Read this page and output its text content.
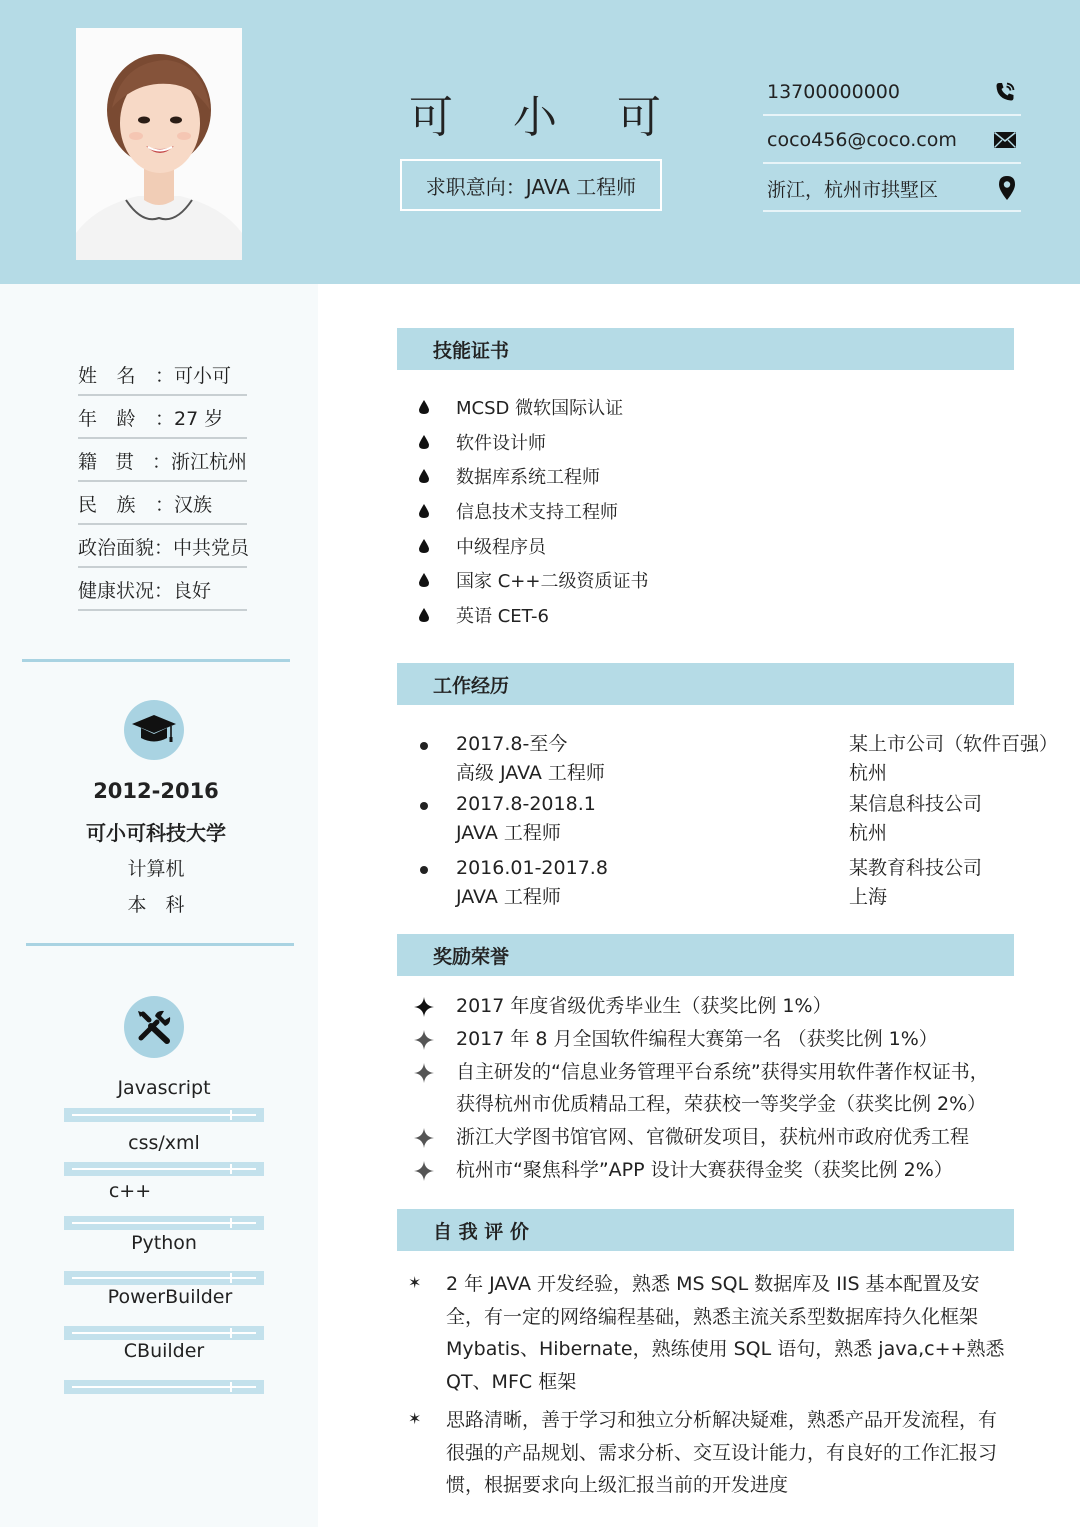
可 小 可
求职意向：JAVA 工程师
13700000000
coco456@coco.com
浙江，杭州市拱墅区
姓名： 可小可
年龄： 27 岁
籍贯： 浙江杭州
民族： 汉族
政治面貌： 中共党员
健康状况： 良好
2012-2016
可小可科技大学
计算机
本　科
Javascript
css/xml
c++
Python
PowerBuilder
CBuilder
技能证书
MCSD 微软国际认证
软件设计师
数据库系统工程师
信息技术支持工程师
中级程序员
国家 C++二级资质证书
英语 CET-6
工作经历
2017.8-至今
高级 JAVA 工程师
某上市公司（软件百强）
杭州
2017.8-2018.1
JAVA 工程师
某信息科技公司
杭州
2016.01-2017.8
JAVA 工程师
某教育科技公司
上海
奖励荣誉
2017 年度省级优秀毕业生（获奖比例 1%）
2017 年 8 月全国软件编程大赛第一名 （获奖比例 1%）
自主研发的“信息业务管理平台系统”获得实用软件著作权证书，
获得杭州市优质精品工程，荣获校一等奖学金（获奖比例 2%）
浙江大学图书馆官网、官微研发项目，获杭州市政府优秀工程
杭州市“聚焦科学”APP 设计大赛获得金奖（获奖比例 2%）
自 我 评 价
✶ 2 年 JAVA 开发经验，熟悉 MS SQL 数据库及 IIS 基本配置及安全，有一定的网络编程基础，熟悉主流关系型数据库持久化框架 Mybatis、Hibernate，熟练使用 SQL 语句，熟悉 java,c++熟悉 QT、MFC 框架
✶ 思路清晰，善于学习和独立分析解决疑难，熟悉产品开发流程，有很强的产品规划、需求分析、交互设计能力，有良好的工作汇报习惯，根据要求向上级汇报当前的开发进度
